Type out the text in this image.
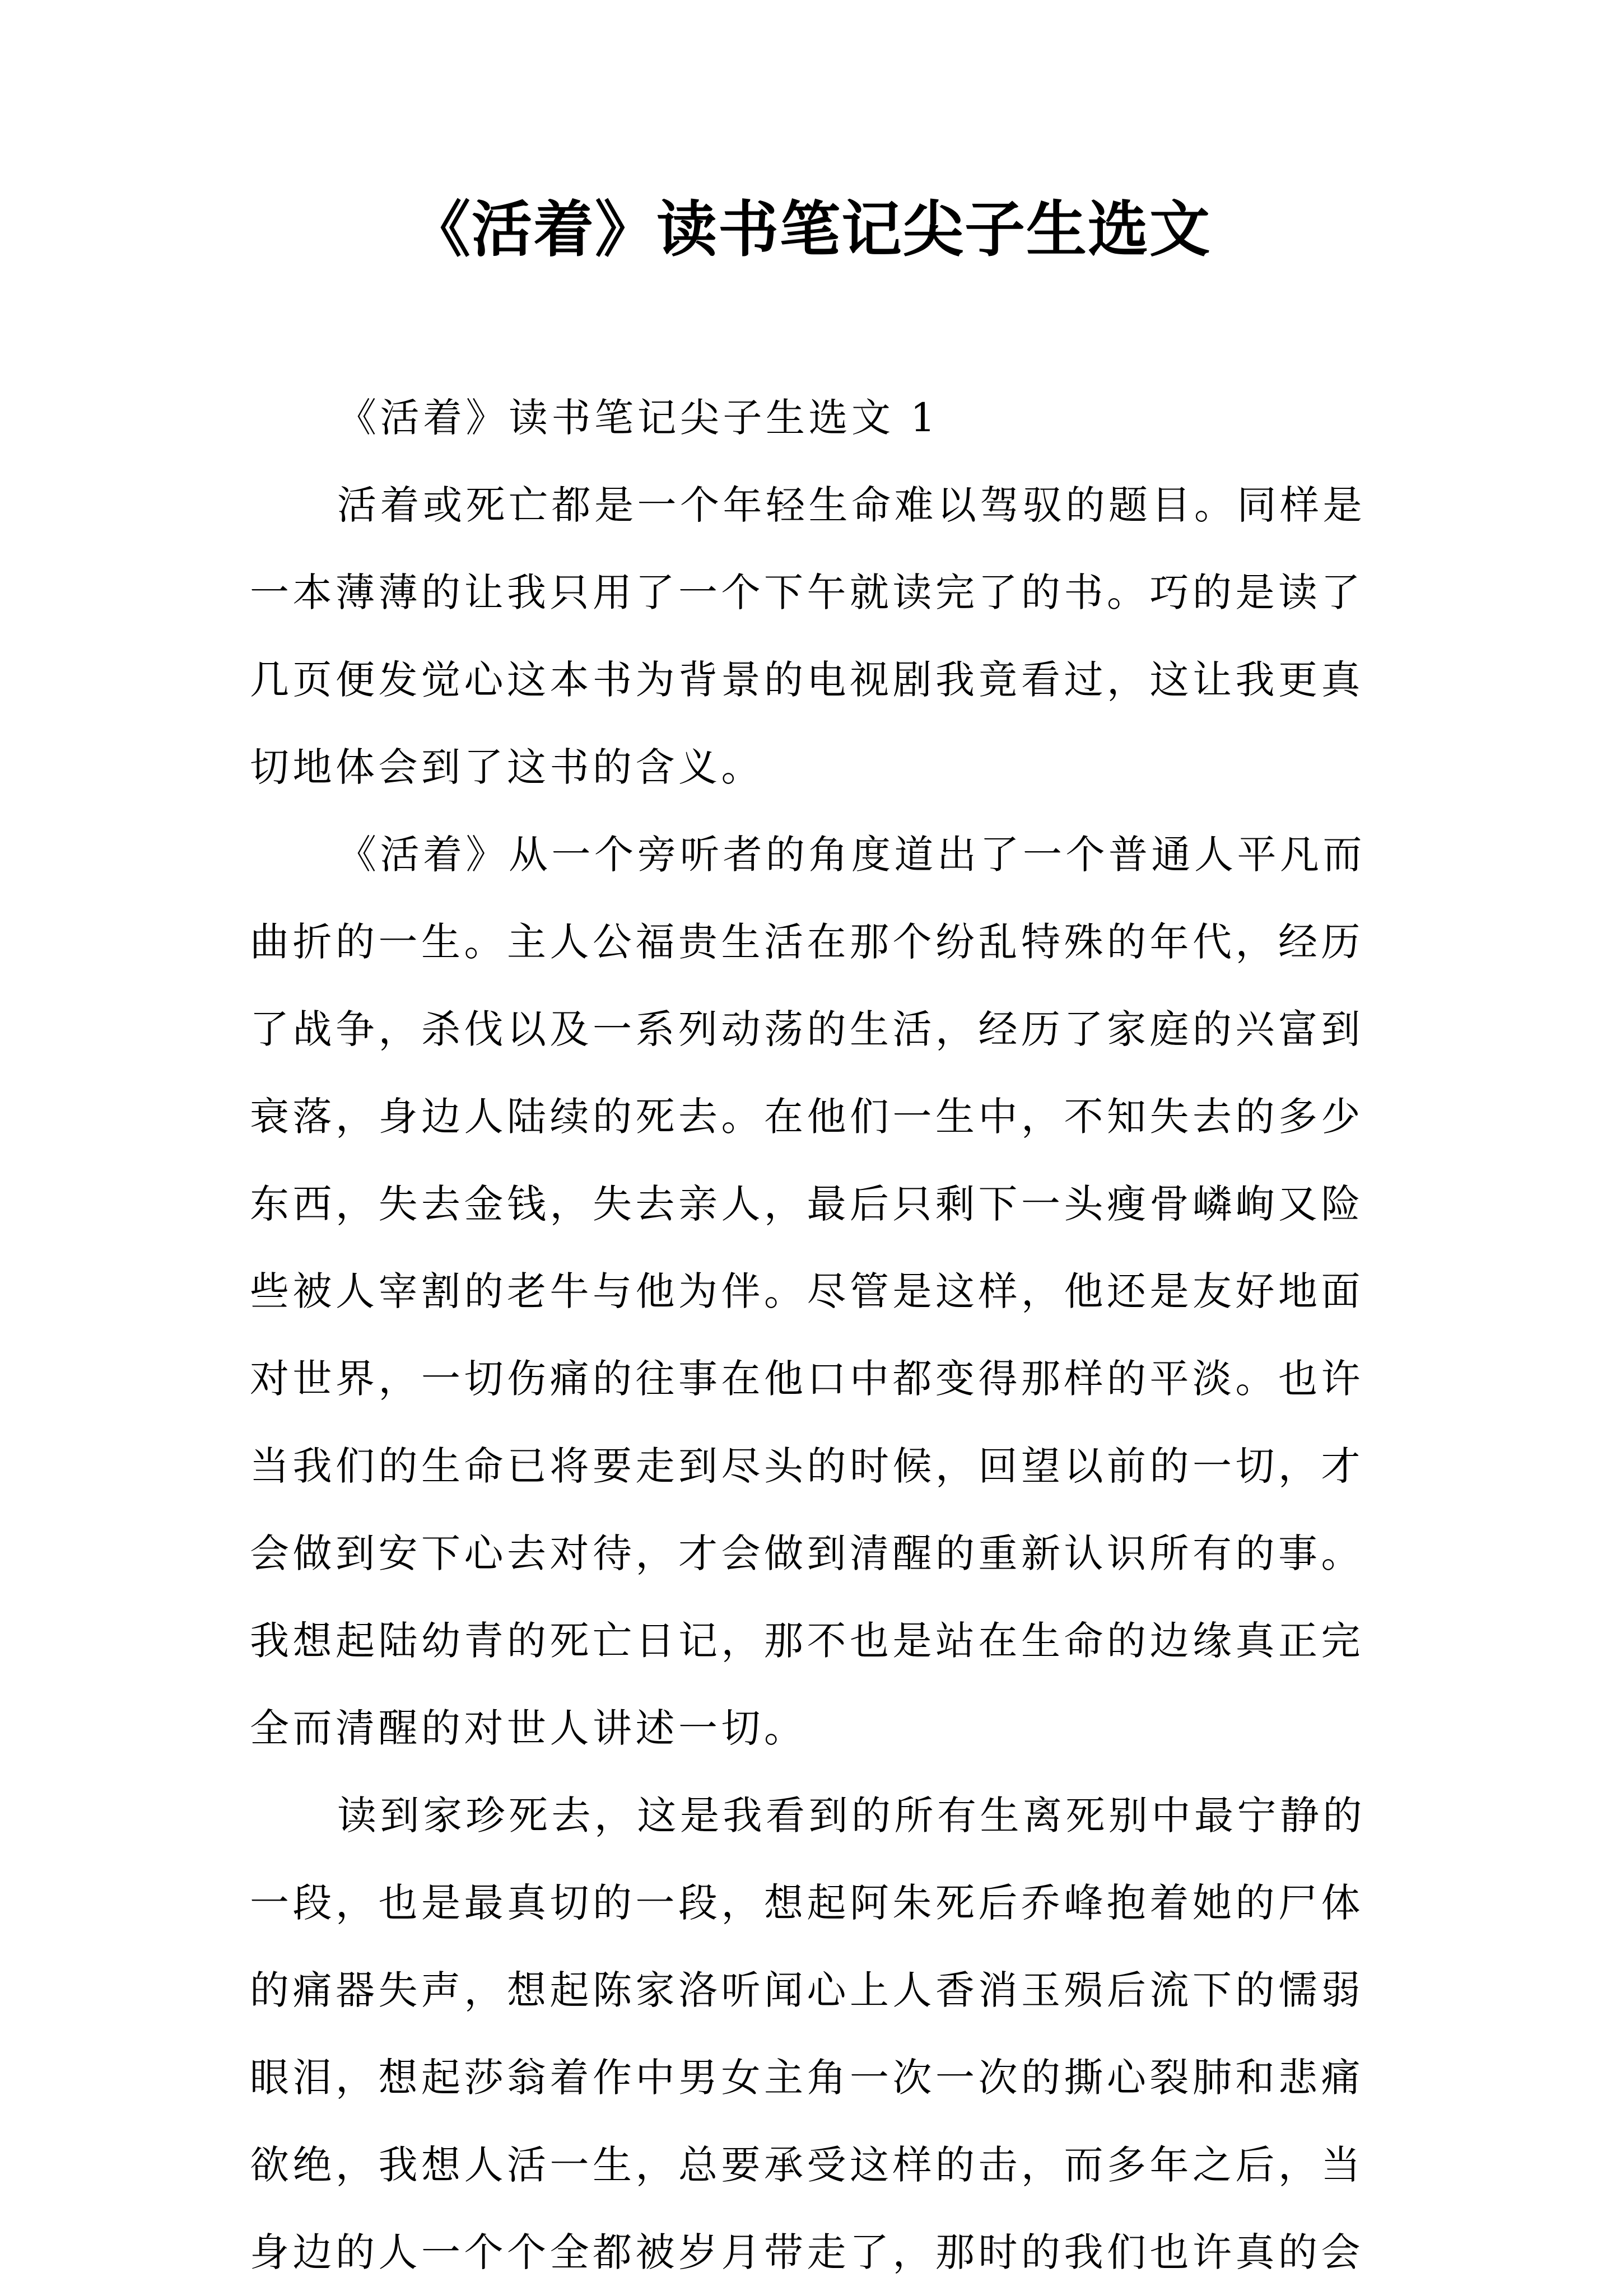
《活着》读书笔记尖子生选文
《活着》读书笔记尖子生选文 1
活着或死亡都是一个年轻生命难以驾驭的题目。同样是
一本薄薄的让我只用了一个下午就读完了的书。巧的是读了
几页便发觉心这本书为背景的电视剧我竟看过，这让我更真
切地体会到了这书的含义。
《活着》从一个旁听者的角度道出了一个普通人平凡而
曲折的一生。主人公福贵生活在那个纷乱特殊的年代，经历
了战争，杀伐以及一系列动荡的生活，经历了家庭的兴富到
衰落，身边人陆续的死去。在他们一生中，不知失去的多少
东西，失去金钱，失去亲人，最后只剩下一头瘦骨嶙峋又险
些被人宰割的老牛与他为伴。尽管是这样，他还是友好地面
对世界，一切伤痛的往事在他口中都变得那样的平淡。也许
当我们的生命已将要走到尽头的时候，回望以前的一切，才
会做到安下心去对待，才会做到清醒的重新认识所有的事。
我想起陆幼青的死亡日记，那不也是站在生命的边缘真正完
全而清醒的对世人讲述一切。
读到家珍死去，这是我看到的所有生离死别中最宁静的
一段，也是最真切的一段，想起阿朱死后乔峰抱着她的尸体
的痛器失声，想起陈家洛听闻心上人香消玉殒后流下的懦弱
眼泪，想起莎翁着作中男女主角一次一次的撕心裂肺和悲痛
欲绝，我想人活一生，总要承受这样的击，而多年之后，当
身边的人一个个全都被岁月带走了，那时的我们也许真的会
